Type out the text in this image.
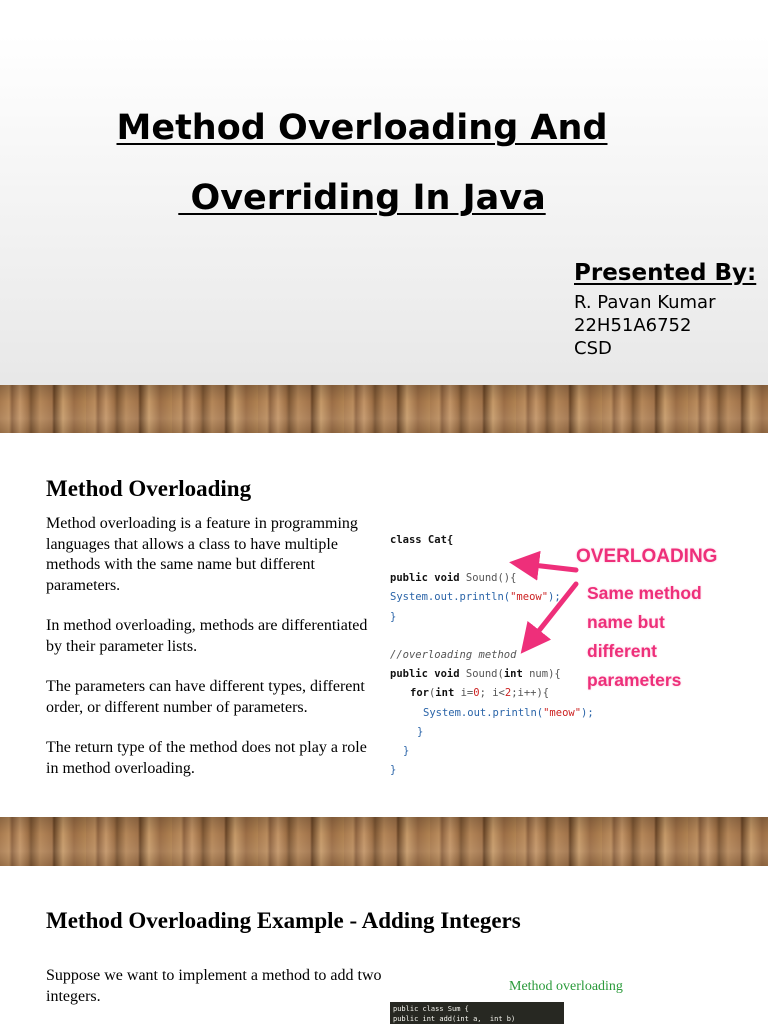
Method Overloading And
Overriding In Java

Presented By:

R. Pavan Kumar

22H51A6752

CSD

Method Overloading

Method overloading is a feature in programming languages that allows a class to have multiple methods with the same name but different parameters.

In method overloading, methods are differentiated by their parameter lists.

The parameters can have different types, different order, or different number of parameters.

The return type of the method does not play a role in method overloading.

class Cat{

public void Sound(){

System.out.println("meow");

}

//overloading method

public void Sound(int num){

for(int i=0; i<2;i++){

System.out.println("meow");

}

}

}

OVERLOADING
Same method
name but
different
parameters
Method Overloading Example - Adding Integers

Suppose we want to implement a method to add two integers.

Method overloading
public class Sum {
public int add(int a,  int b)
